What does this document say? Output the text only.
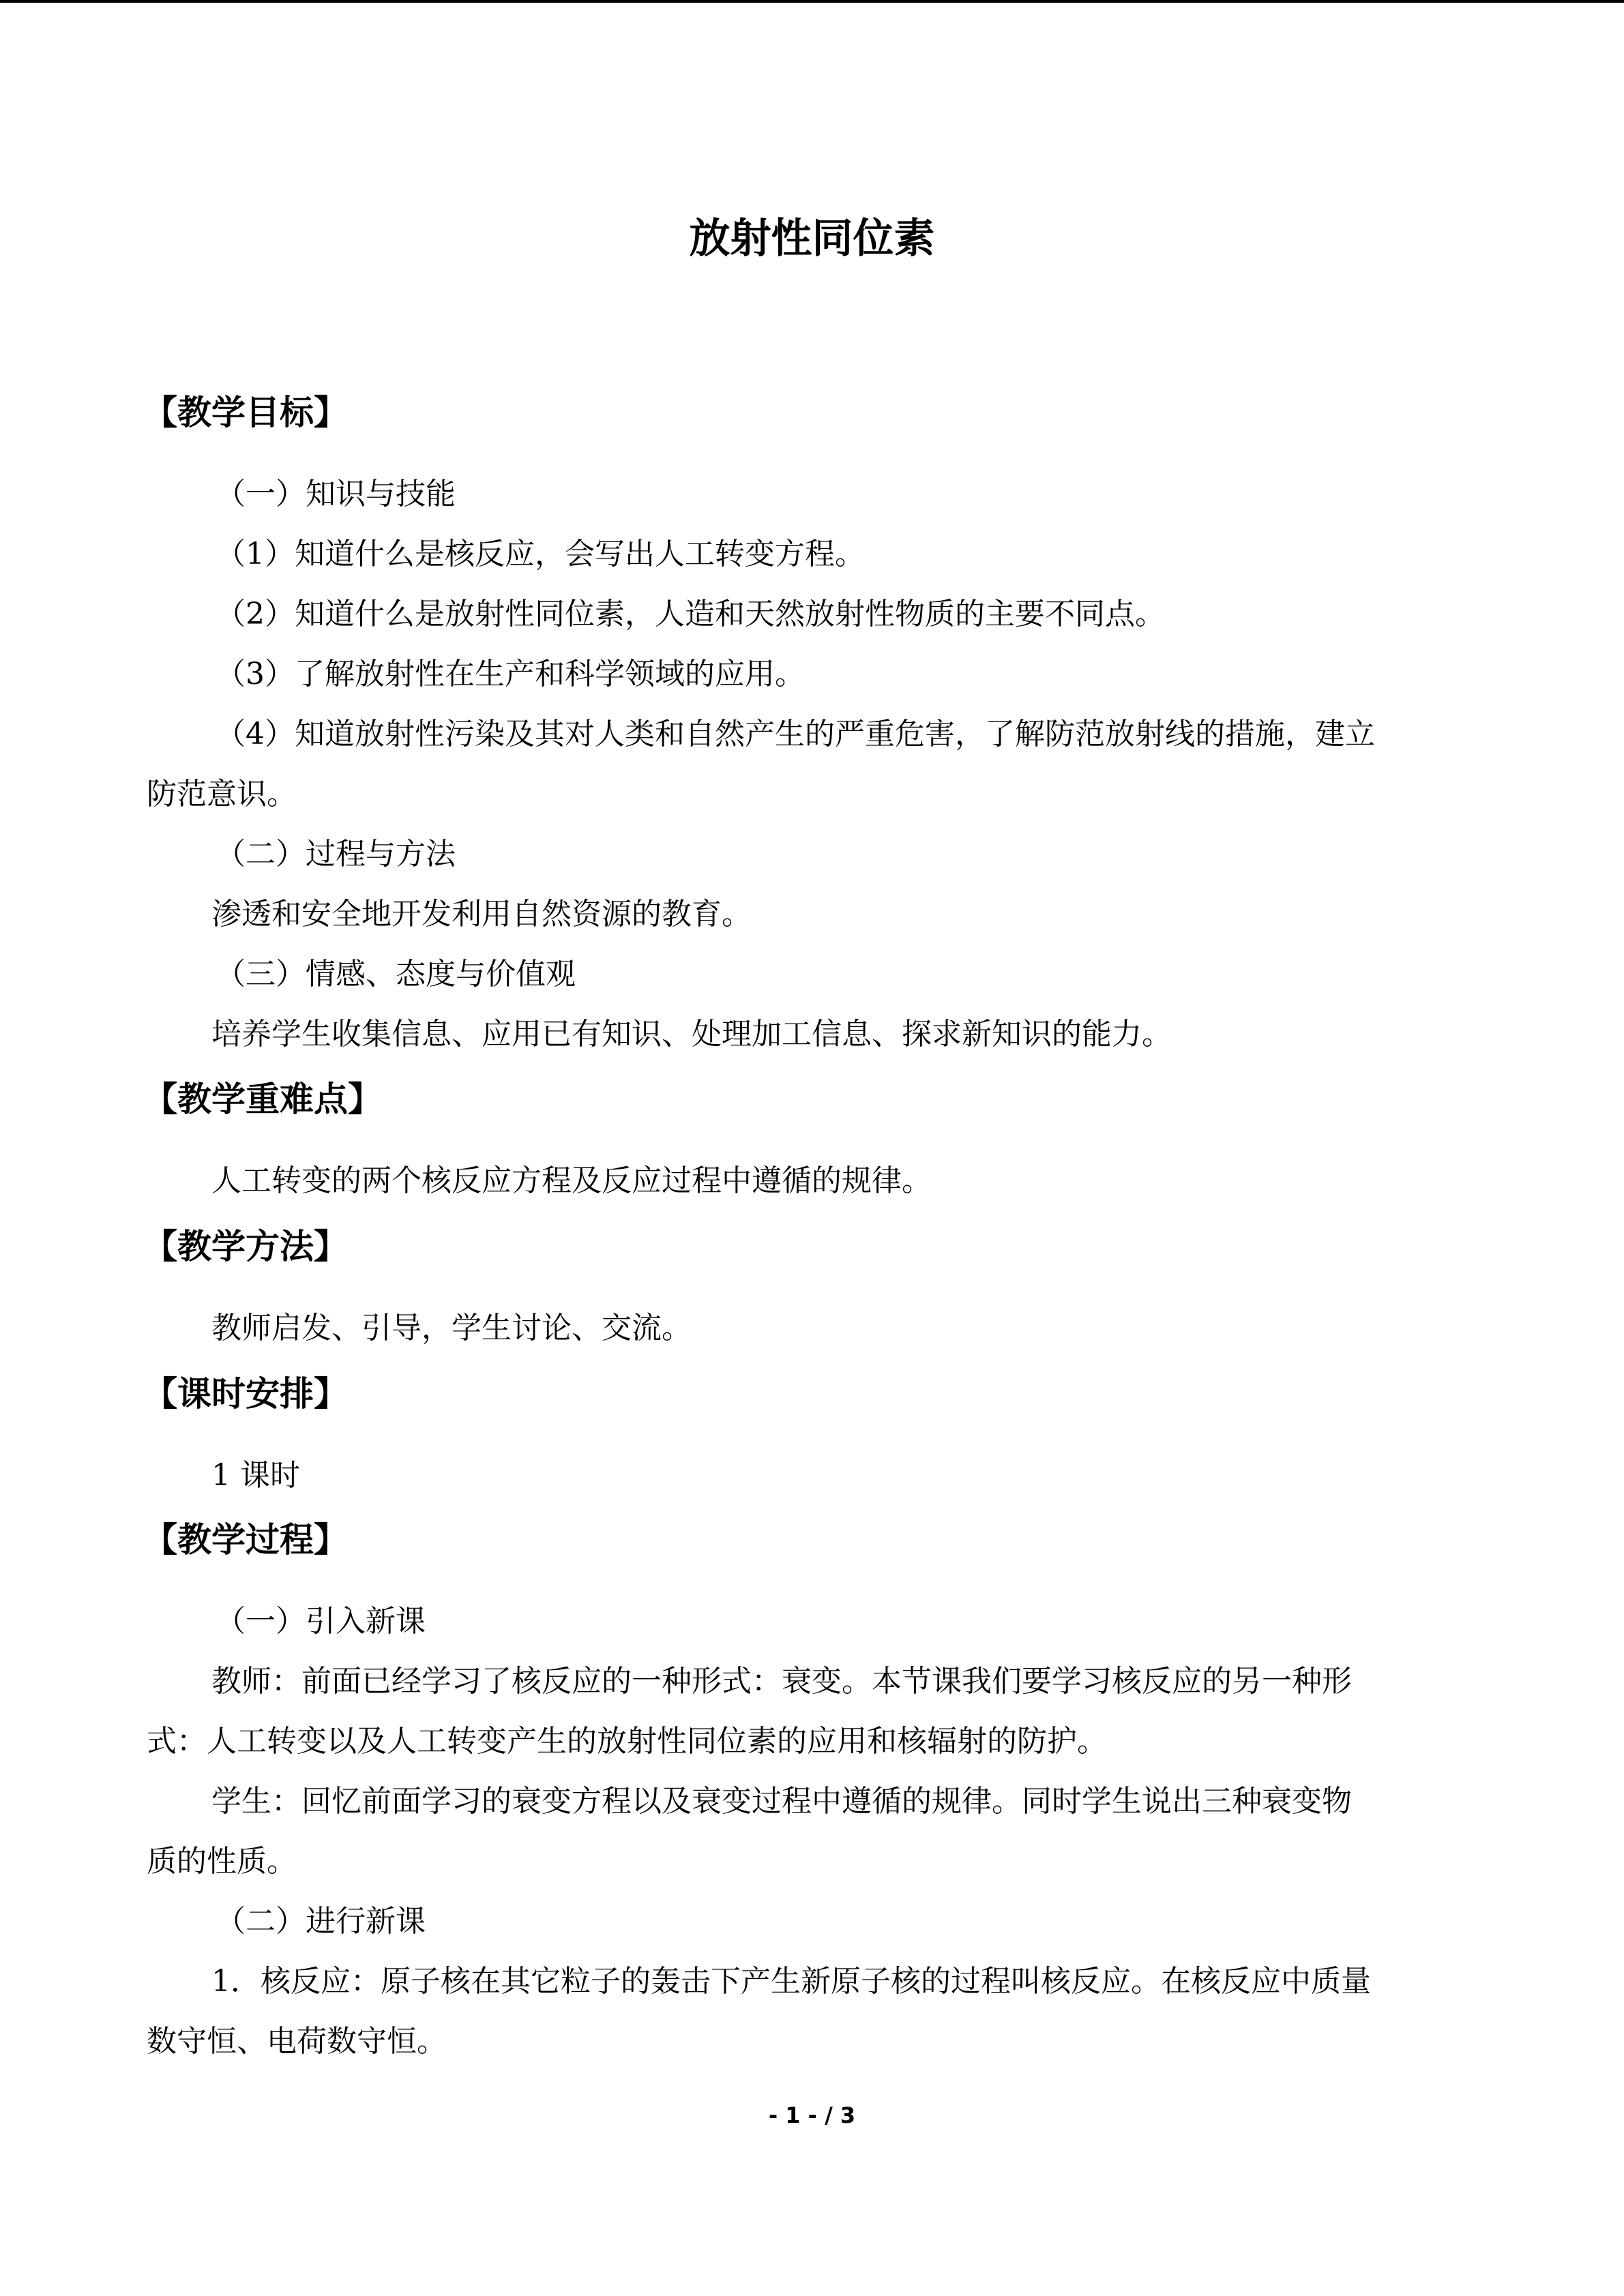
放射性同位素
【教学目标】
（一）知识与技能
（1）知道什么是核反应，会写出人工转变方程。
（2）知道什么是放射性同位素，人造和天然放射性物质的主要不同点。
（3）了解放射性在生产和科学领域的应用。
（4）知道放射性污染及其对人类和自然产生的严重危害，了解防范放射线的措施，建立
防范意识。
（二）过程与方法
渗透和安全地开发利用自然资源的教育。
（三）情感、态度与价值观
培养学生收集信息、应用已有知识、处理加工信息、探求新知识的能力。
【教学重难点】
人工转变的两个核反应方程及反应过程中遵循的规律。
【教学方法】
教师启发、引导，学生讨论、交流。
【课时安排】
1 课时
【教学过程】
（一）引入新课
教师：前面已经学习了核反应的一种形式：衰变。本节课我们要学习核反应的另一种形
式：人工转变以及人工转变产生的放射性同位素的应用和核辐射的防护。
学生：回忆前面学习的衰变方程以及衰变过程中遵循的规律。同时学生说出三种衰变物
质的性质。
（二）进行新课
1．核反应：原子核在其它粒子的轰击下产生新原子核的过程叫核反应。在核反应中质量
数守恒、电荷数守恒。
- 1 - / 3
